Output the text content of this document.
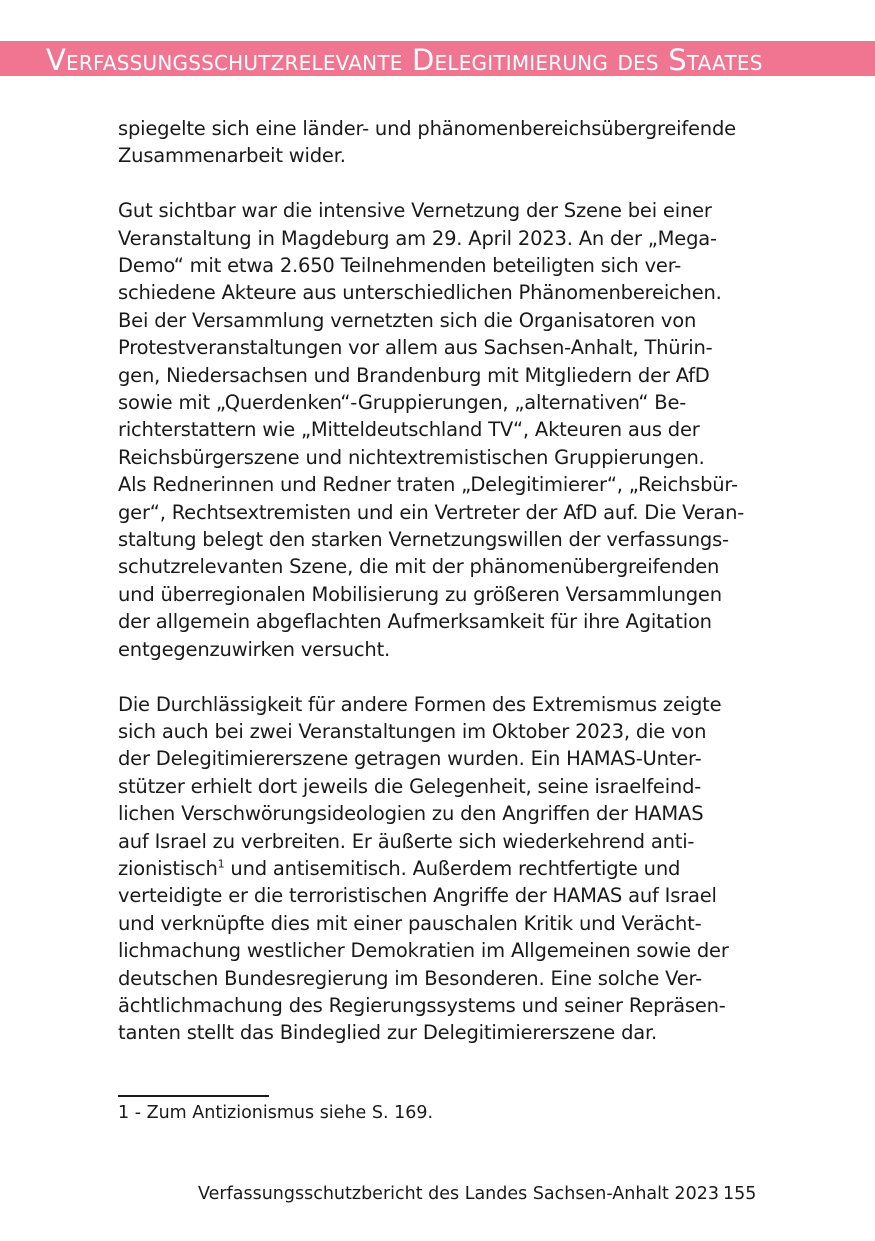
Verfassungsschutzrelevante Delegitimierung des Staates

spiegelte sich eine länder- und phänomenbereichsübergreifende
Zusammenarbeit wider.

Gut sichtbar war die intensive Vernetzung der Szene bei einer
Veranstaltung in Magdeburg am 29. April 2023. An der „Mega-
Demo“ mit etwa 2.650 Teilnehmenden beteiligten sich ver-
schiedene Akteure aus unterschiedlichen Phänomenbereichen.
Bei der Versammlung vernetzten sich die Organisatoren von
Protestveranstaltungen vor allem aus Sachsen-Anhalt, Thürin-
gen, Niedersachsen und Brandenburg mit Mitgliedern der AfD
sowie mit „Querdenken“-Gruppierungen, „alternativen“ Be-
richterstattern wie „Mitteldeutschland TV“, Akteuren aus der
Reichsbürgerszene und nichtextremistischen Gruppierungen.
Als Rednerinnen und Redner traten „Delegitimierer“, „Reichsbür-
ger“, Rechtsextremisten und ein Vertreter der AfD auf. Die Veran-
staltung belegt den starken Vernetzungswillen der verfassungs-
schutzrelevanten Szene, die mit der phänomenübergreifenden
und überregionalen Mobilisierung zu größeren Versammlungen
der allgemein abgeflachten Aufmerksamkeit für ihre Agitation
entgegenzuwirken versucht.

Die Durchlässigkeit für andere Formen des Extremismus zeigte
sich auch bei zwei Veranstaltungen im Oktober 2023, die von
der Delegitimiererszene getragen wurden. Ein HAMAS-Unter-
stützer erhielt dort jeweils die Gelegenheit, seine israelfeind-
lichen Verschwörungsideologien zu den Angriffen der HAMAS
auf Israel zu verbreiten. Er äußerte sich wiederkehrend anti-
zionistisch$^1$ und antisemitisch. Außerdem rechtfertigte und
verteidigte er die terroristischen Angriffe der HAMAS auf Israel
und verknüpfte dies mit einer pauschalen Kritik und Verächt-
lichmachung westlicher Demokratien im Allgemeinen sowie der
deutschen Bundesregierung im Besonderen. Eine solche Ver-
ächtlichmachung des Regierungssystems und seiner Repräsen-
tanten stellt das Bindeglied zur Delegitimiererszene dar.

1 - Zum Antizionismus siehe S. 169.
Verfassungsschutzbericht des Landes Sachsen-Anhalt 2023 155
